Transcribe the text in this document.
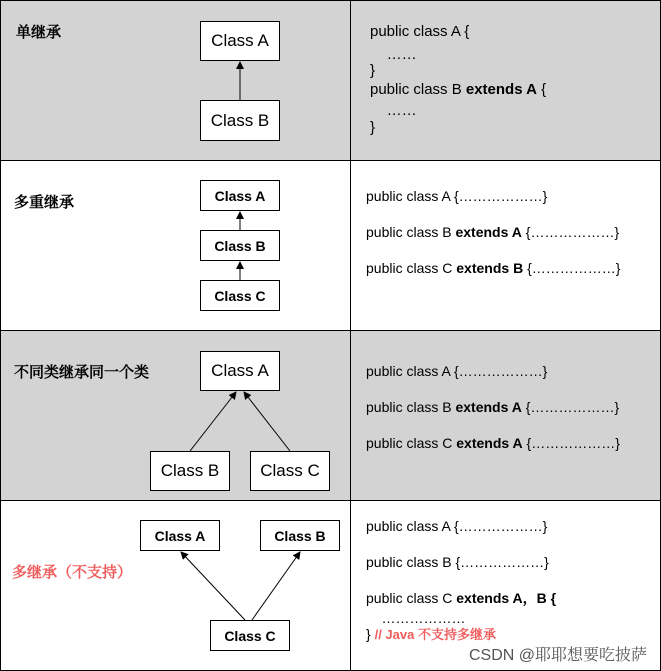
单继承	Class A
Class B
public class A {
……
}
public class B extends A {
……
}
多重继承	Class A
Class B
Class C
public class A {………………}
public class B extends A {………………}
public class C extends B {………………}
不同类继承同一个类	Class A
Class B	Class C
public class A {………………}
public class B extends A {………………}
public class C extends A {………………}
多继承（不支持）
Class A	Class B
Class C
public class A {………………}
public class B {………………}
public class C extends A，B {
………………
} // Java 不支持多继承
CSDN @耶耶想要吃披萨
